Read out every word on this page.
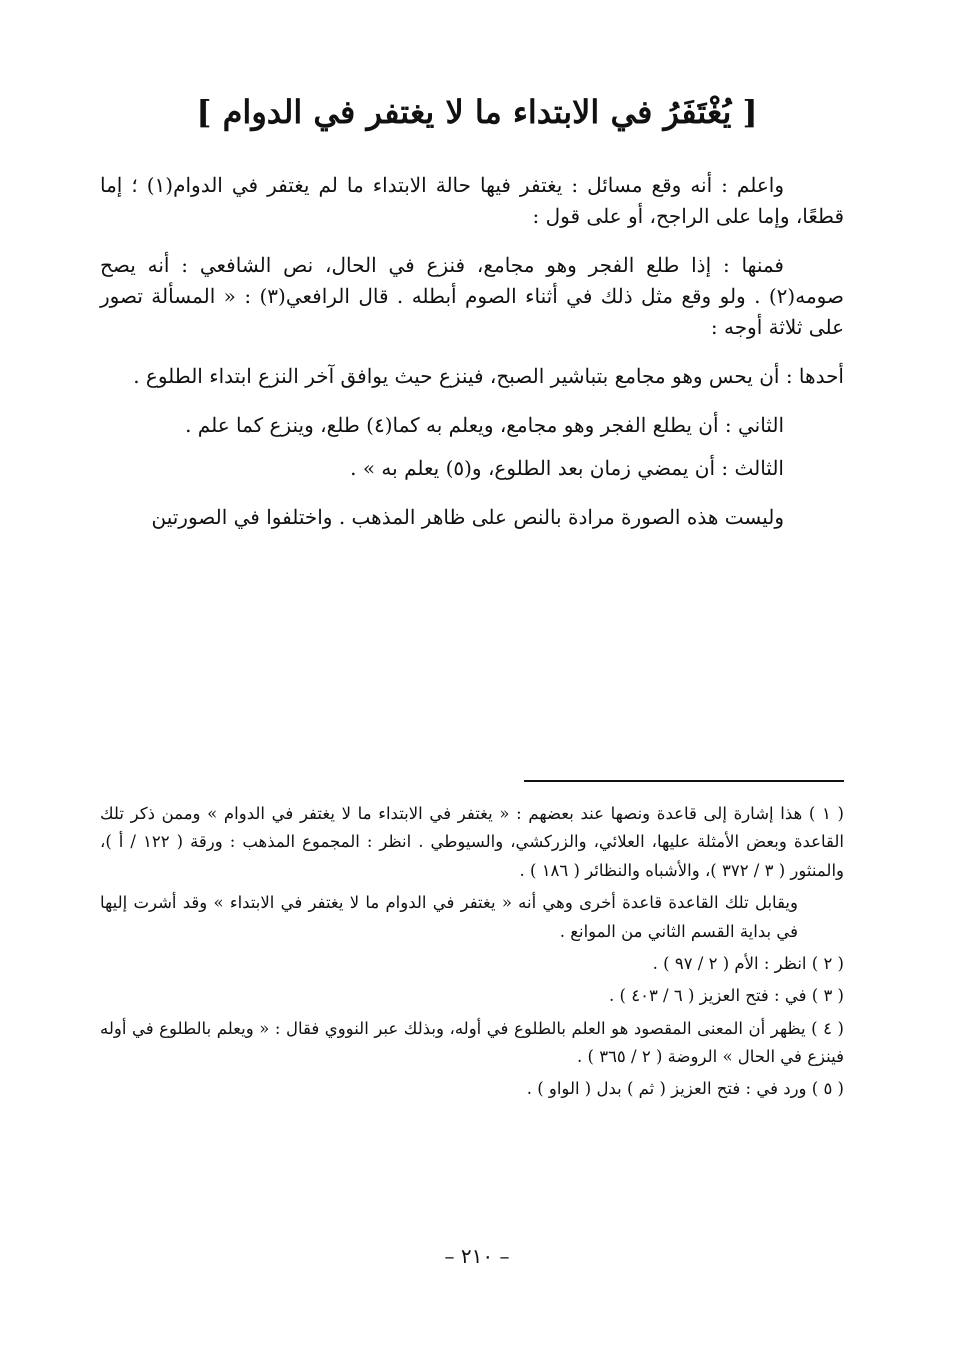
[ يُغْتَفَرُ في الابتداء ما لا يغتفر في الدوام ]

واعلم : أنه وقع مسائل : يغتفر فيها حالة الابتداء ما لم يغتفر في الدوام(١) ؛ إما قطعًا، وإما على الراجح، أو على قول :

فمنها : إذا طلع الفجر وهو مجامع، فنزع في الحال، نص الشافعي : أنه يصح صومه(٢) . ولو وقع مثل ذلك في أثناء الصوم أبطله . قال الرافعي(٣) : « المسألة تصور على ثلاثة أوجه :

أحدها : أن يحس وهو مجامع بتباشير الصبح، فينزع حيث يوافق آخر النزع ابتداء الطلوع .

الثاني : أن يطلع الفجر وهو مجامع، ويعلم به كما(٤) طلع، وينزع كما علم .

الثالث : أن يمضي زمان بعد الطلوع، و(٥) يعلم به » .

وليست هذه الصورة مرادة بالنص على ظاهر المذهب . واختلفوا في الصورتين

( ١ ) هذا إشارة إلى قاعدة ونصها عند بعضهم : « يغتفر في الابتداء ما لا يغتفر في الدوام » وممن ذكر تلك القاعدة وبعض الأمثلة عليها، العلائي، والزركشي، والسيوطي . انظر : المجموع المذهب : ورقة ( ١٢٢ / أ )، والمنثور ( ٣ / ٣٧٢ )، والأشباه والنظائر ( ١٨٦ ) .

ويقابل تلك القاعدة قاعدة أخرى وهي أنه « يغتفر في الدوام ما لا يغتفر في الابتداء » وقد أشرت إليها في بداية القسم الثاني من الموانع .

( ٢ ) انظر : الأم ( ٢ / ٩٧ ) .

( ٣ ) في : فتح العزيز ( ٦ / ٤٠٣ ) .

( ٤ ) يظهر أن المعنى المقصود هو العلم بالطلوع في أوله، وبذلك عبر النووي فقال : « ويعلم بالطلوع في أوله فينزع في الحال » الروضة ( ٢ / ٣٦٥ ) .

( ٥ ) ورد في : فتح العزيز ( ثم ) بدل ( الواو ) .

– ٢١٠ –
